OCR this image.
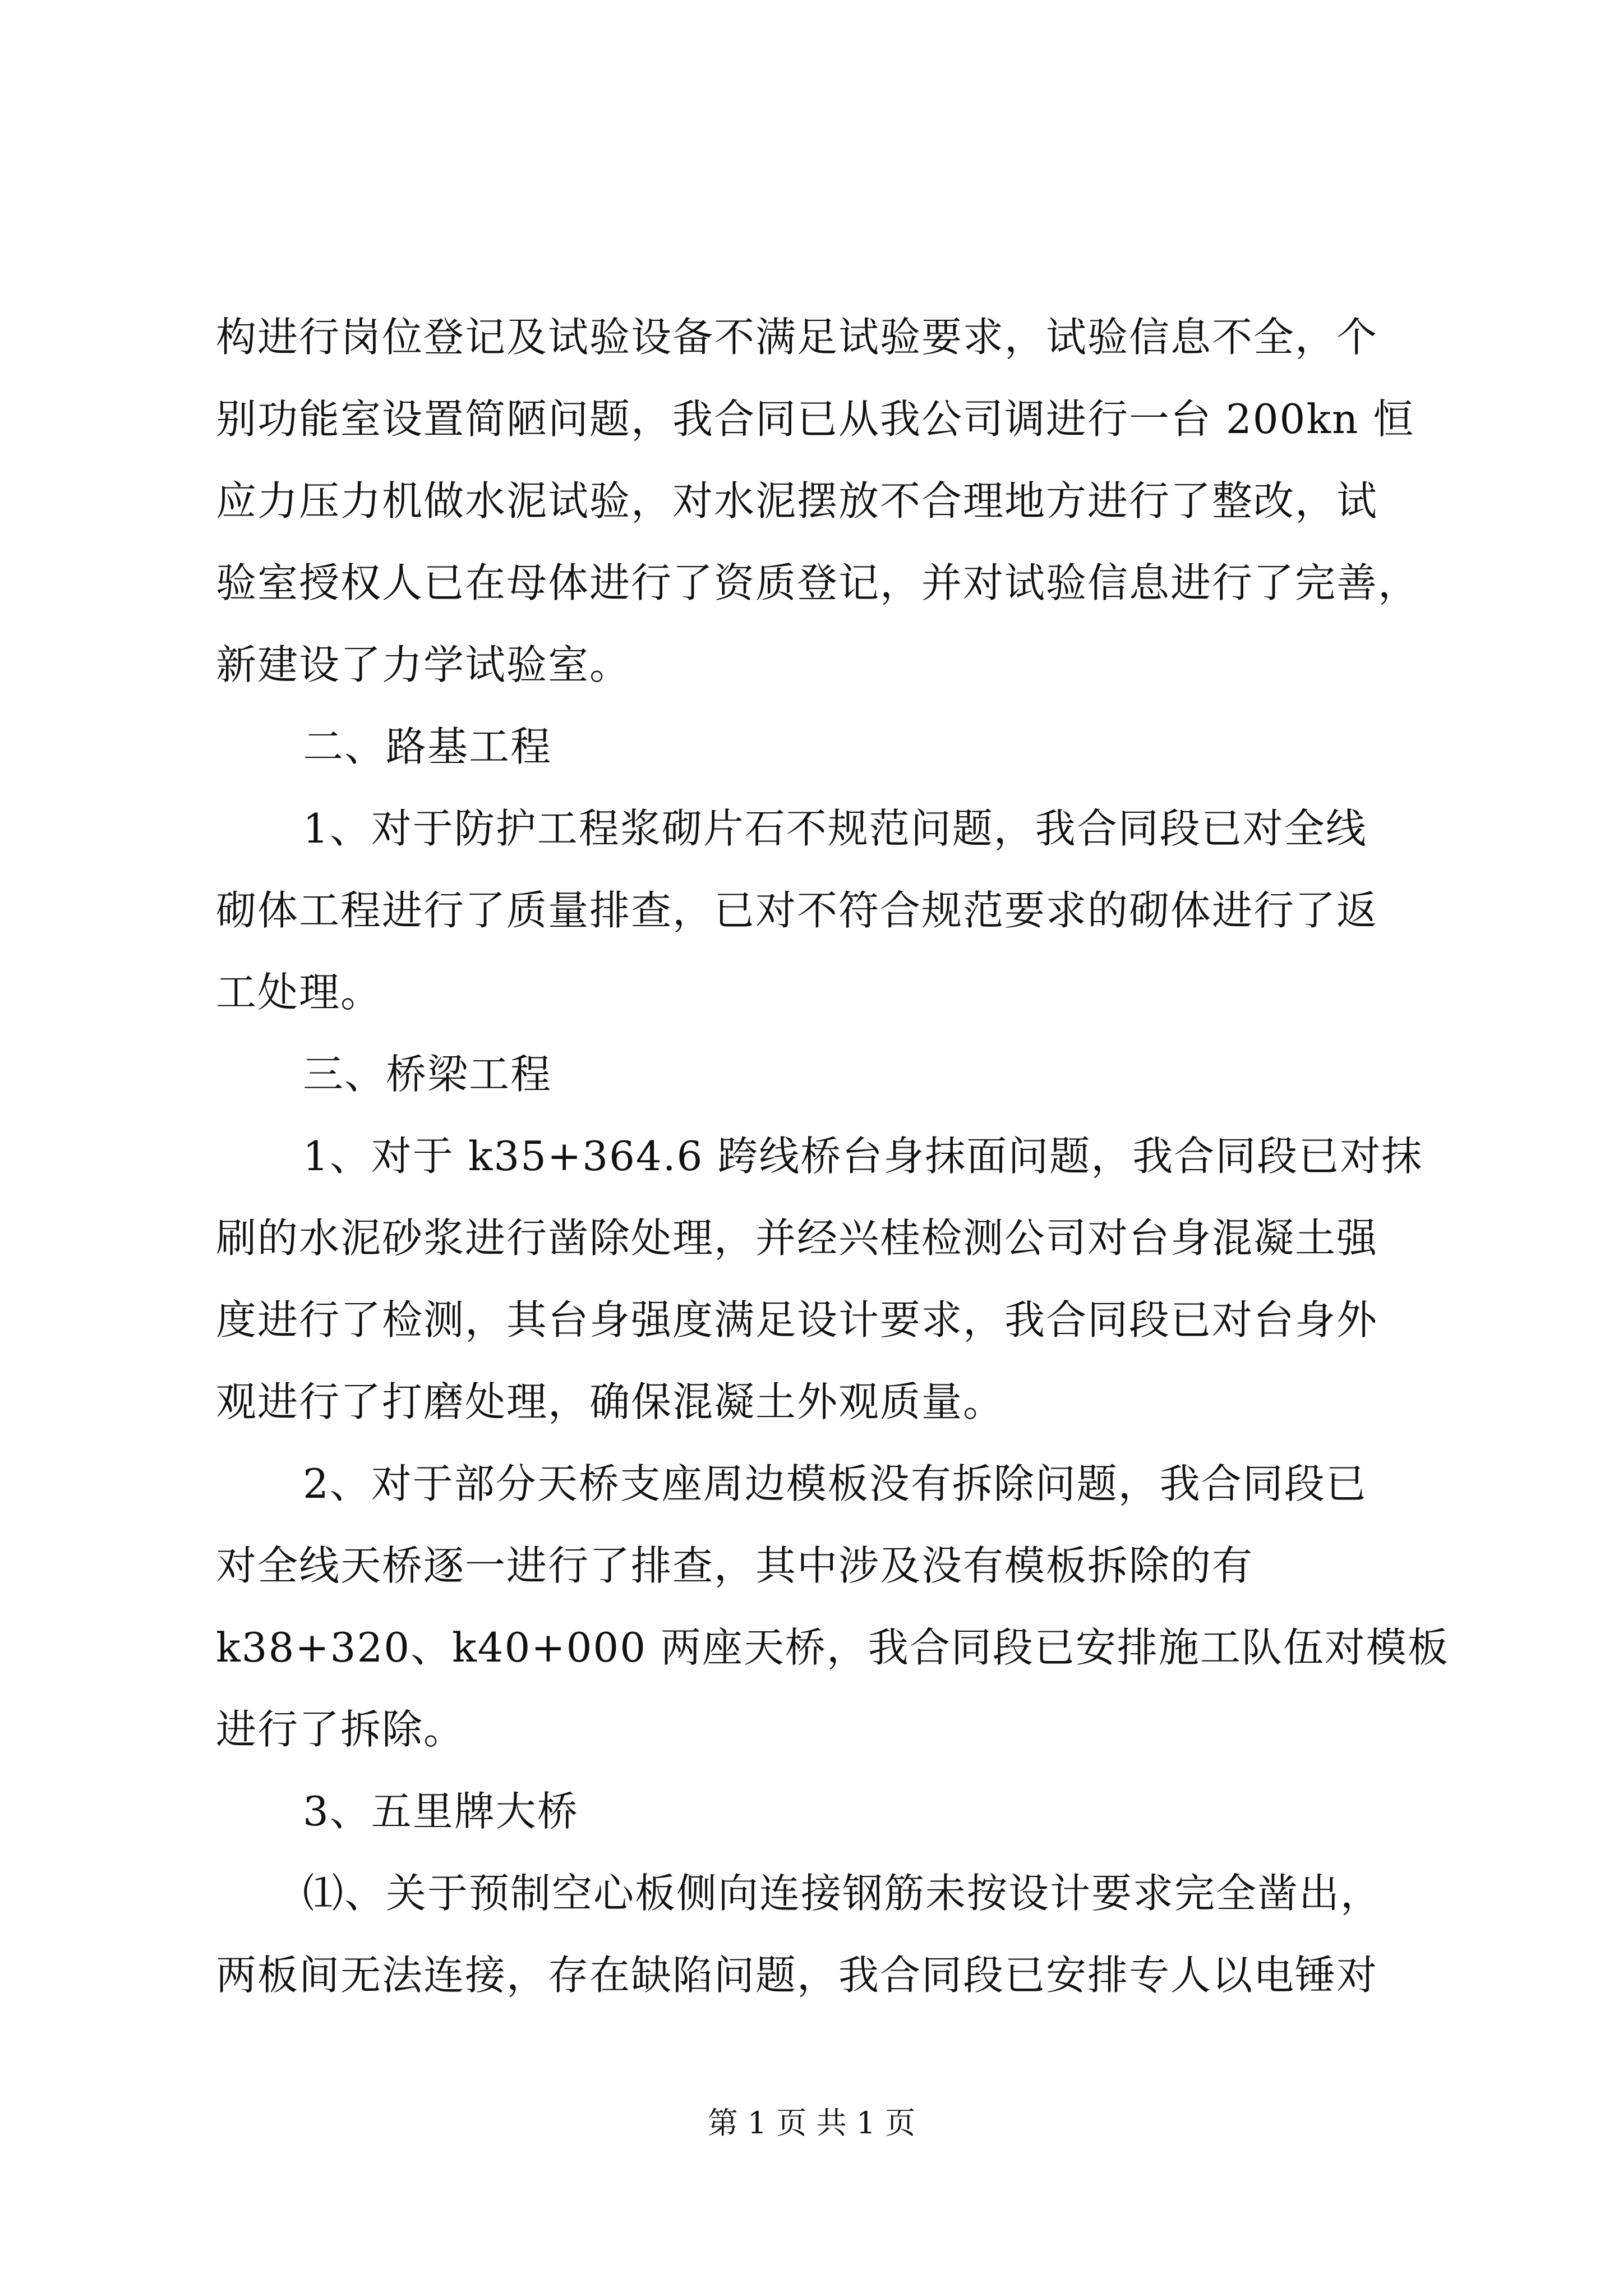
构进行岗位登记及试验设备不满足试验要求，试验信息不全，个
别功能室设置简陋问题，我合同已从我公司调进行一台 200kn 恒
应力压力机做水泥试验，对水泥摆放不合理地方进行了整改，试
验室授权人已在母体进行了资质登记，并对试验信息进行了完善，
新建设了力学试验室。
二、路基工程
1、对于防护工程浆砌片石不规范问题，我合同段已对全线
砌体工程进行了质量排查，已对不符合规范要求的砌体进行了返
工处理。
三、桥梁工程
1、对于 k35+364.6 跨线桥台身抹面问题，我合同段已对抹
刷的水泥砂浆进行凿除处理，并经兴桂检测公司对台身混凝土强
度进行了检测，其台身强度满足设计要求，我合同段已对台身外
观进行了打磨处理，确保混凝土外观质量。
2、对于部分天桥支座周边模板没有拆除问题，我合同段已
对全线天桥逐一进行了排查，其中涉及没有模板拆除的有
k38+320、k40+000 两座天桥，我合同段已安排施工队伍对模板
进行了拆除。
3、五里牌大桥
⑴、关于预制空心板侧向连接钢筋未按设计要求完全凿出，
两板间无法连接，存在缺陷问题，我合同段已安排专人以电锤对
第 1 页 共 1 页
